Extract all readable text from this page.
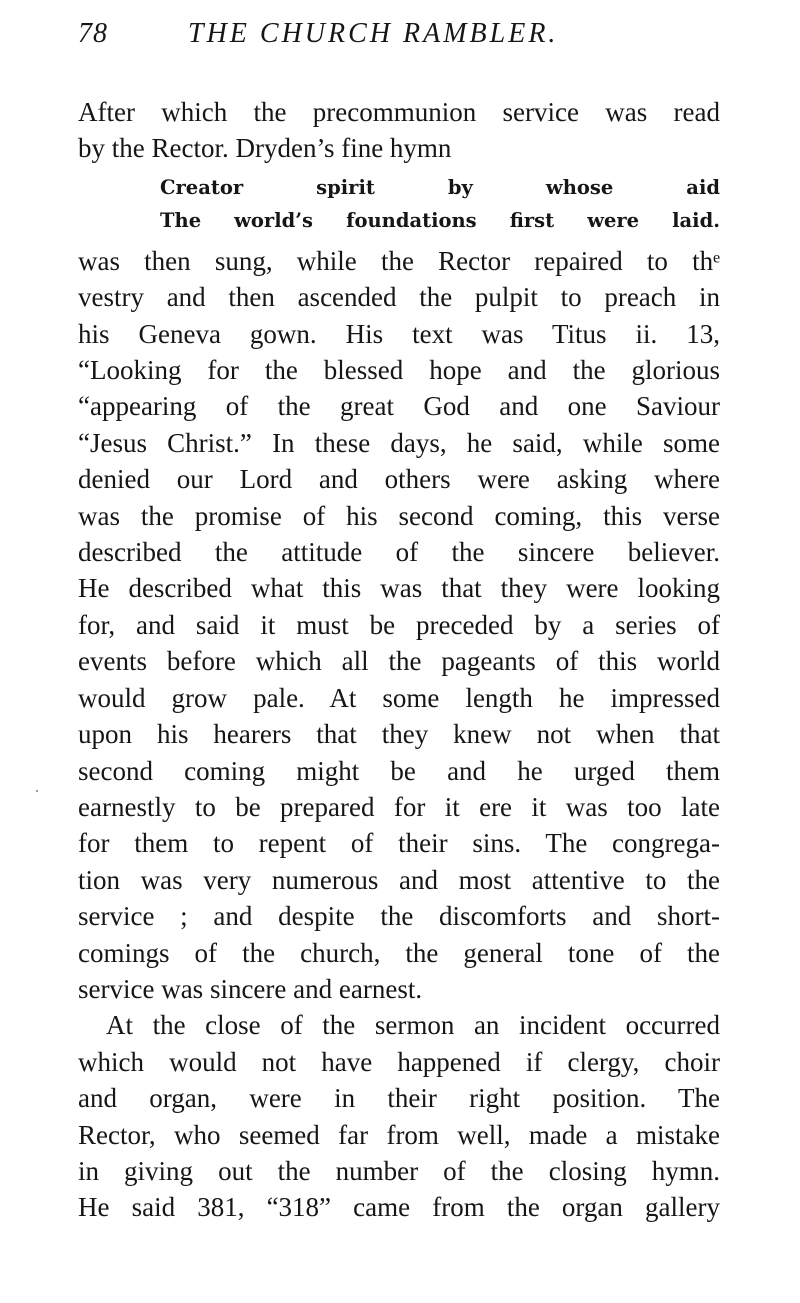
78	THE CHURCH RAMBLER.
After which the precommunion service was read
by the Rector. Dryden’s fine hymn
Creator spirit by whose aid
The world’s foundations first were laid.
was then sung, while the Rector repaired to thᵉ
vestry and then ascended the pulpit to preach in
his Geneva gown. His text was Titus ii. 13,
“Looking for the blessed hope and the glorious
“appearing of the great God and one Saviour
“Jesus Christ.” In these days, he said, while some
denied our Lord and others were asking where
was the promise of his second coming, this verse
described the attitude of the sincere believer.
He described what this was that they were looking
for, and said it must be preceded by a series of
events before which all the pageants of this world
would grow pale. At some length he impressed
upon his hearers that they knew not when that
second coming might be and he urged them
earnestly to be prepared for it ere it was too late
for them to repent of their sins. The congrega-
tion was very numerous and most attentive to the
service ; and despite the discomforts and short-
comings of the church, the general tone of the
service was sincere and earnest.
At the close of the sermon an incident occurred
which would not have happened if clergy, choir
and organ, were in their right position. The
Rector, who seemed far from well, made a mistake
in giving out the number of the closing hymn.
He said 381, “318” came from the organ gallery
